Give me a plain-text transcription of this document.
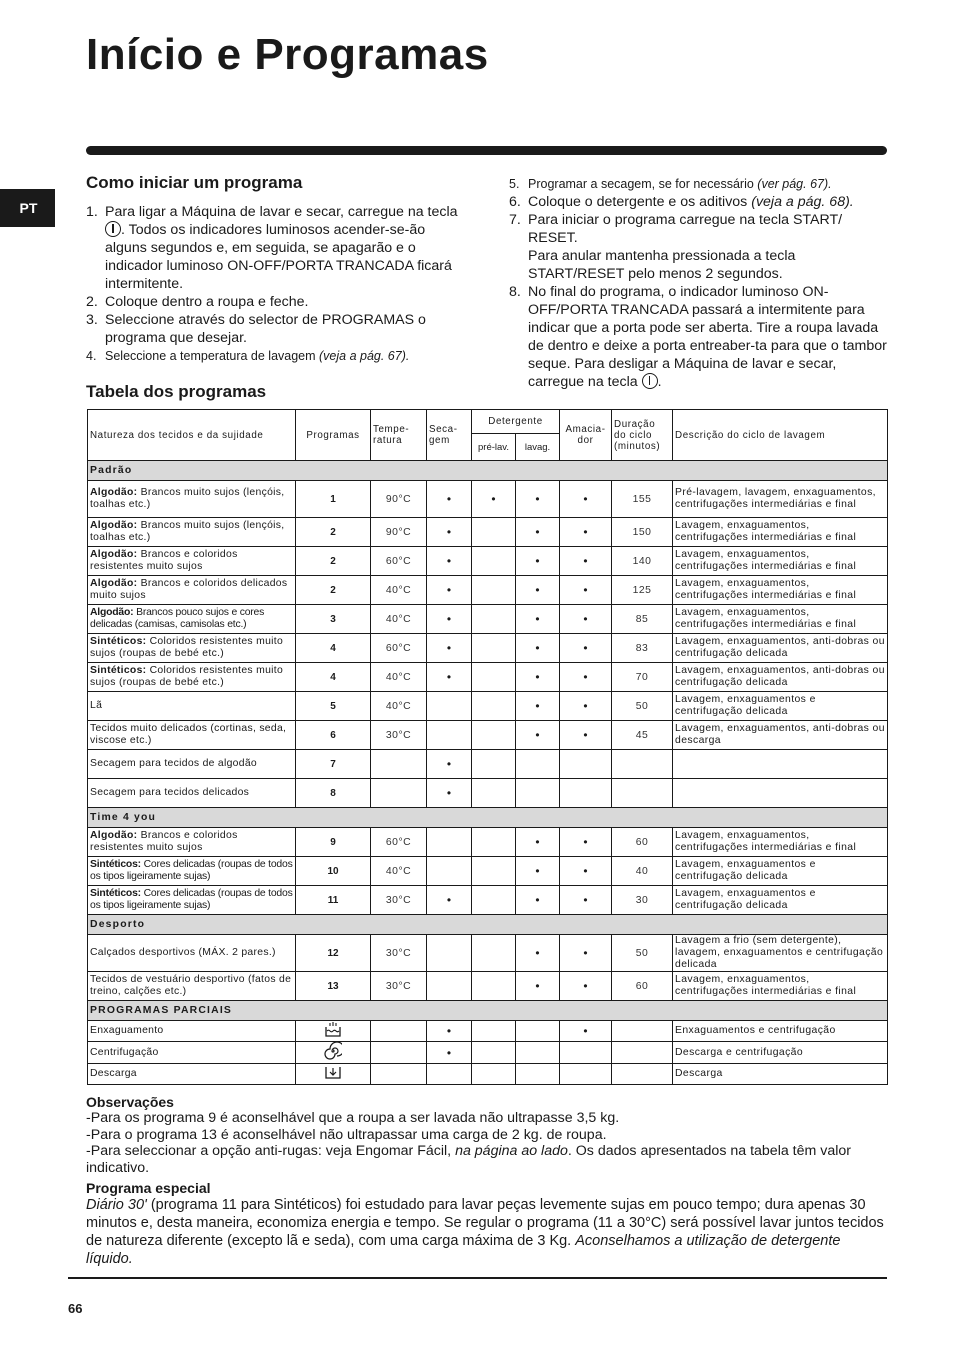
Início e Programas
PT
Como iniciar um programa
1. Para ligar a Máquina de lavar e secar, carregue na tecla . Todos os indicadores luminosos acender-se-ão alguns segundos e, em seguida, se apagarão e o indicador luminoso ON-OFF/PORTA TRANCADA ficará intermitente.
2. Coloque dentro a roupa e feche.
3. Seleccione através do selector de PROGRAMAS o programa que desejar.
4. Seleccione a temperatura de lavagem (veja a pág. 67).
5. Programar a secagem, se for necessário (ver pág. 67).
6. Coloque o detergente e os aditivos (veja a pág. 68).
7. Para iniciar o programa carregue na tecla START/ RESET.
Para anular mantenha pressionada a tecla START/RESET pelo menos 2 segundos.
8. No final do programa, o indicador luminoso ON-OFF/PORTA TRANCADA passará a intermitente para indicar que a porta pode ser aberta. Tire a roupa lavada de dentro e deixe a porta entreaber-ta para que o tambor seque. Para desligar a Máquina de lavar e secar, carregue na tecla .
Tabela dos programas
Natureza dos tecidos e da sujidade	Programas	Tempe-ratura	Seca-gem	Detergente		Amacia-dor	Duração do ciclo (minutos)	Descrição do ciclo de lavagem
				pré-lav.	lavag.			
Padrão								
Algodão: Brancos muito sujos (lençóis, toalhas etc.)	1	90°C	•	•	•	•	155	Pré-lavagem, lavagem, enxaguamentos, centrifugações intermediárias e final
Algodão: Brancos muito sujos (lençóis, toalhas etc.)	2	90°C	•		•	•	150	Lavagem, enxaguamentos, centrifugações intermediárias e final
Algodão: Brancos e coloridos resistentes muito sujos	2	60°C	•		•	•	140	Lavagem, enxaguamentos, centrifugações intermediárias e final
Algodão: Brancos e coloridos delicados muito sujos	2	40°C	•		•	•	125	Lavagem, enxaguamentos, centrifugações intermediárias e final
Algodão: Brancos pouco sujos e cores delicadas (camisas, camisolas etc.)	3	40°C	•		•	•	85	Lavagem, enxaguamentos, centrifugações intermediárias e final
Sintéticos: Coloridos resistentes muito sujos (roupas de bebé etc.)	4	60°C	•		•	•	83	Lavagem, enxaguamentos, anti-dobras ou centrifugação delicada
Sintéticos: Coloridos resistentes muito sujos (roupas de bebé etc.)	4	40°C	•		•	•	70	Lavagem, enxaguamentos, anti-dobras ou centrifugação delicada
Lã	5	40°C			•	•	50	Lavagem, enxaguamentos e centrifugação delicada
Tecidos muito delicados (cortinas, seda, viscose etc.)	6	30°C			•	•	45	Lavagem, enxaguamentos, anti-dobras ou descarga
Secagem para tecidos de algodão	7		•					
Secagem para tecidos delicados	8		•					
Time 4 you								
Algodão: Brancos e coloridos resistentes muito sujos	9	60°C			•	•	60	Lavagem, enxaguamentos, centrifugações intermediárias e final
Sintéticos: Cores delicadas (roupas de todos os tipos ligeiramente sujas)	10	40°C			•	•	40	Lavagem, enxaguamentos e centrifugação delicada
Sintéticos: Cores delicadas (roupas de todos os tipos ligeiramente sujas)	11	30°C	•		•	•	30	Lavagem, enxaguamentos e centrifugação delicada
Desporto								
Calçados desportivos (MÁX. 2 pares.)	12	30°C			•	•	50	Lavagem a frio (sem detergente), lavagem, enxaguamentos e centrifugação delicada
Tecidos de vestuário desportivo (fatos de treino, calções etc.)	13	30°C			•	•	60	Lavagem, enxaguamentos, centrifugações intermediárias e final
PROGRAMAS PARCIAIS								
Enxaguamento			•			•		Enxaguamentos e centrifugação
Centrifugação			•					Descarga e centrifugação
Descarga								Descarga
Observações
-Para os programa 9 é aconselhável que a roupa a ser lavada não ultrapasse 3,5 kg.
-Para o programa 13 é aconselhável não ultrapassar uma carga de 2 kg. de roupa.
-Para seleccionar a opção anti-rugas: veja Engomar Fácil, na página ao lado. Os dados apresentados na tabela têm valor indicativo.
Programa especial
Diário 30' (programa 11 para Sintéticos) foi estudado para lavar peças levemente sujas em pouco tempo; dura apenas 30 minutos e, desta maneira, economiza energia e tempo. Se regular o programa (11 a 30°C) será possível lavar juntos tecidos de natureza diferente (excepto lã e seda), com uma carga máxima de 3 Kg. Aconselhamos a utilização de detergente líquido.
66
